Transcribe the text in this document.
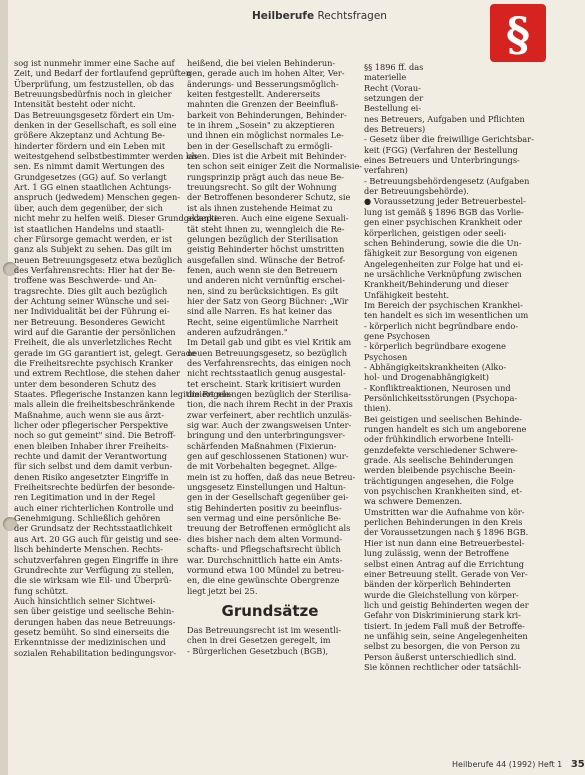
Heilberufe Rechtsfragen	§
sog ist nunmehr immer eine Sache auf
Zeit, und Bedarf der fortlaufend geprüften
Überprüfung, um festzustellen, ob das
Betreuungsbedürfnis noch in gleicher
Intensität besteht oder nicht.
Das Betreuungsgesetz fördert ein Um-
denken in der Gesellschaft, es soll eine
größere Akzeptanz und Achtung Be-
hinderter fördern und ein Leben mit
weitestgehend selbstbestimmter werden las-
sen. Es nimmt damit Wertungen des
Grundgesetzes (GG) auf. So verlangt
Art. 1 GG einen staatlichen Achtungs-
anspruch (jedwedem) Menschen gegen-
über, auch dem gegenüber, der sich
nicht mehr zu helfen weiß. Dieser Grundgedanke
ist staatlichen Handelns und staatli-
cher Fürsorge gemacht werden, er ist
ganz als Subjekt zu sehen. Das gilt im
neuen Betreuungsgesetz etwa bezüglich
des Verfahrensrechts: Hier hat der Be-
troffene was Beschwerde- und An-
tragsrechte. Dies gilt auch bezüglich
der Achtung seiner Wünsche und sei-
ner Individualität bei der Führung ei-
ner Betreuung. Besonderes Gewicht
wird auf die Garantie der persönlichen
Freiheit, die als unverletzliches Recht
gerade im GG garantiert ist, gelegt. Gerade
die Freiheitsrechte psychisch Kranker
und extrem Rechtlose, die stehen daher
unter dem besonderen Schutz des
Staates. Pflegerische Instanzen kann legitimiert nie-
mals allein die freiheitsbeschränkende
Maßnahme, auch wenn sie aus ärzt-
licher oder pflegerischer Perspektive
noch so gut gemeint" sind. Die Betroff-
enen bleiben Inhaber ihrer Freiheits-
rechte und damit der Verantwortung
für sich selbst und dem damit verbun-
denen Risiko angesetzter Eingriffe in
Freiheitsrechte bedürfen der besonde-
ren Legitimation und in der Regel
auch einer richterlichen Kontrolle und
Genehmigung. Schließlich gehören
der Grundsatz der Rechtsstaatlichkeit
aus Art. 20 GG auch für geistig und see-
lisch behinderte Menschen. Rechts-
schutzverfahren gegen Eingriffe in ihre
Grundrechte zur Verfügung zu stellen,
die sie wirksam wie Eil- und Überprü-
fung schützt.
Auch hinsichtlich seiner Sichtwei-
sen über geistige und seelische Behin-
derungen haben das neue Betreuungs-
gesetz bemüht. So sind einerseits die
Erkenntnisse der medizinischen und
sozialen Rehabilitation bedingungsvor-
heißend, die bei vielen Behinderun-
gen, gerade auch im hohen Alter, Ver-
änderungs- und Besserungsmöglich-
keiten festgestellt. Andererseits
mahnten die Grenzen der Beeinfluß-
barkeit von Behinderungen, Behinder-
te in ihrem „Sosein" zu akzeptieren
und ihnen ein möglichst normales Le-
ben in der Gesellschaft zu ermögli-
chen. Dies ist die Arbeit mit Behinder-
ten schon seit einiger Zeit die Normalisie-
rungsprinzip prägt auch das neue Be-
treuungsrecht. So gilt der Wohnung
der Betroffenen besonderer Schutz, sie
ist als ihnen zustehende Heimat zu
akzeptieren. Auch eine eigene Sexuali-
tät steht ihnen zu, wenngleich die Re-
gelungen bezüglich der Sterilisation
geistig Behinderter höchst umstritten
ausgefallen sind. Wünsche der Betrof-
fenen, auch wenn sie den Betreuern
und anderen nicht vernünftig erschei-
nen, sind zu berücksichtigen. Es gilt
hier der Satz von Georg Büchner: „Wir
sind alle Narren. Es hat keiner das
Recht, seine eigentümliche Narrheit
anderen aufzudrängen."
Im Detail gab und gibt es viel Kritik am
neuen Betreuungsgesetz, so bezüglich
des Verfahrensrechts, das einigen noch
nicht rechtsstaatlich genug ausgestal-
tet erscheint. Stark kritisiert wurden
die Regelungen bezüglich der Sterilisa-
tion, die nach ihrem Recht in der Praxis
zwar verfeinert, aber rechtlich unzuläs-
sig war. Auch der zwangsweisen Unter-
bringung und den unterbringungsver-
schärfenden Maßnahmen (Fixierun-
gen auf geschlossenen Stationen) wur-
de mit Vorbehalten begegnet. Allge-
mein ist zu hoffen, daß das neue Betreu-
ungsgesetz Einstellungen und Haltun-
gen in der Gesellschaft gegenüber gei-
stig Behinderten positiv zu beeinflus-
sen vermag und eine persönliche Be-
treuung der Betroffenen ermöglicht als
dies bisher nach dem alten Vormund-
schafts- und Pflegschaftsrecht üblich
war. Durchschnittlich hatte ein Amts-
vormund etwa 100 Mündel zu betreu-
en, die eine gewünschte Obergrenze
liegt jetzt bei 25.
Grundsätze
Das Betreuungsrecht ist im wesentli-
chen in drei Gesetzen geregelt, im
- Bürgerlichen Gesetzbuch (BGB),
§§ 1896 ff. das
materielle
Recht (Vorau-
setzungen der
Bestellung ei-
nes Betreuers, Aufgaben und Pflichten
des Betreuers)
- Gesetz über die freiwillige Gerichtsbar-
keit (FGG) (Verfahren der Bestellung
eines Betreuers und Unterbringungs-
verfahren)
- Betreuungsbehördengesetz (Aufgaben
der Betreuungsbehörde).
● Voraussetzung jeder Betreuerbestel-
lung ist gemäß § 1896 BGB das Vorlie-
gen einer psychischen Krankheit oder
körperlichen, geistigen oder seeli-
schen Behinderung, sowie die die Un-
fähigkeit zur Besorgung von eigenen
Angelegenheiten zur Folge hat und ei-
ne ursächliche Verknüpfung zwischen
Krankheit/Behinderung und dieser
Unfähigkeit besteht.
Im Bereich der psychischen Krankhei-
ten handelt es sich im wesentlichen um
- körperlich nicht begründbare endo-
gene Psychosen
- körperlich begründbare exogene
Psychosen
- Abhängigkeitskrankheiten (Alko-
hol- und Drogenabhängigkeit)
- Konfliktreaktionen, Neurosen und
Persönlichkeitsstörungen (Psychopa-
thien).
Bei geistigen und seelischen Behinde-
rungen handelt es sich um angeborene
oder frühkindlich erworbene Intelli-
genzdefekte verschiedener Schwere-
grade. Als seelische Behinderungen
werden bleibende psychische Beein-
trächtigungen angesehen, die Folge
von psychischen Krankheiten sind, et-
wa schwere Demenzen.
Umstritten war die Aufnahme von kör-
perlichen Behinderungen in den Kreis
der Voraussetzungen nach § 1896 BGB.
Hier ist nun dann eine Betreuerbestel-
lung zulässig, wenn der Betroffene
selbst einen Antrag auf die Errichtung
einer Betreuung stellt. Gerade von Ver-
bänden der körperlich Behinderten
wurde die Gleichstellung von körper-
lich und geistig Behinderten wegen der
Gefahr von Diskriminierung stark kri-
tisiert. In jedem Fall muß der Betroffe-
ne unfähig sein, seine Angelegenheiten
selbst zu besorgen, die von Person zu
Person äußerst unterschiedlich sind.
Sie können rechtlicher oder tatsächli-
Heilberufe 44 (1992) Heft 1 35
